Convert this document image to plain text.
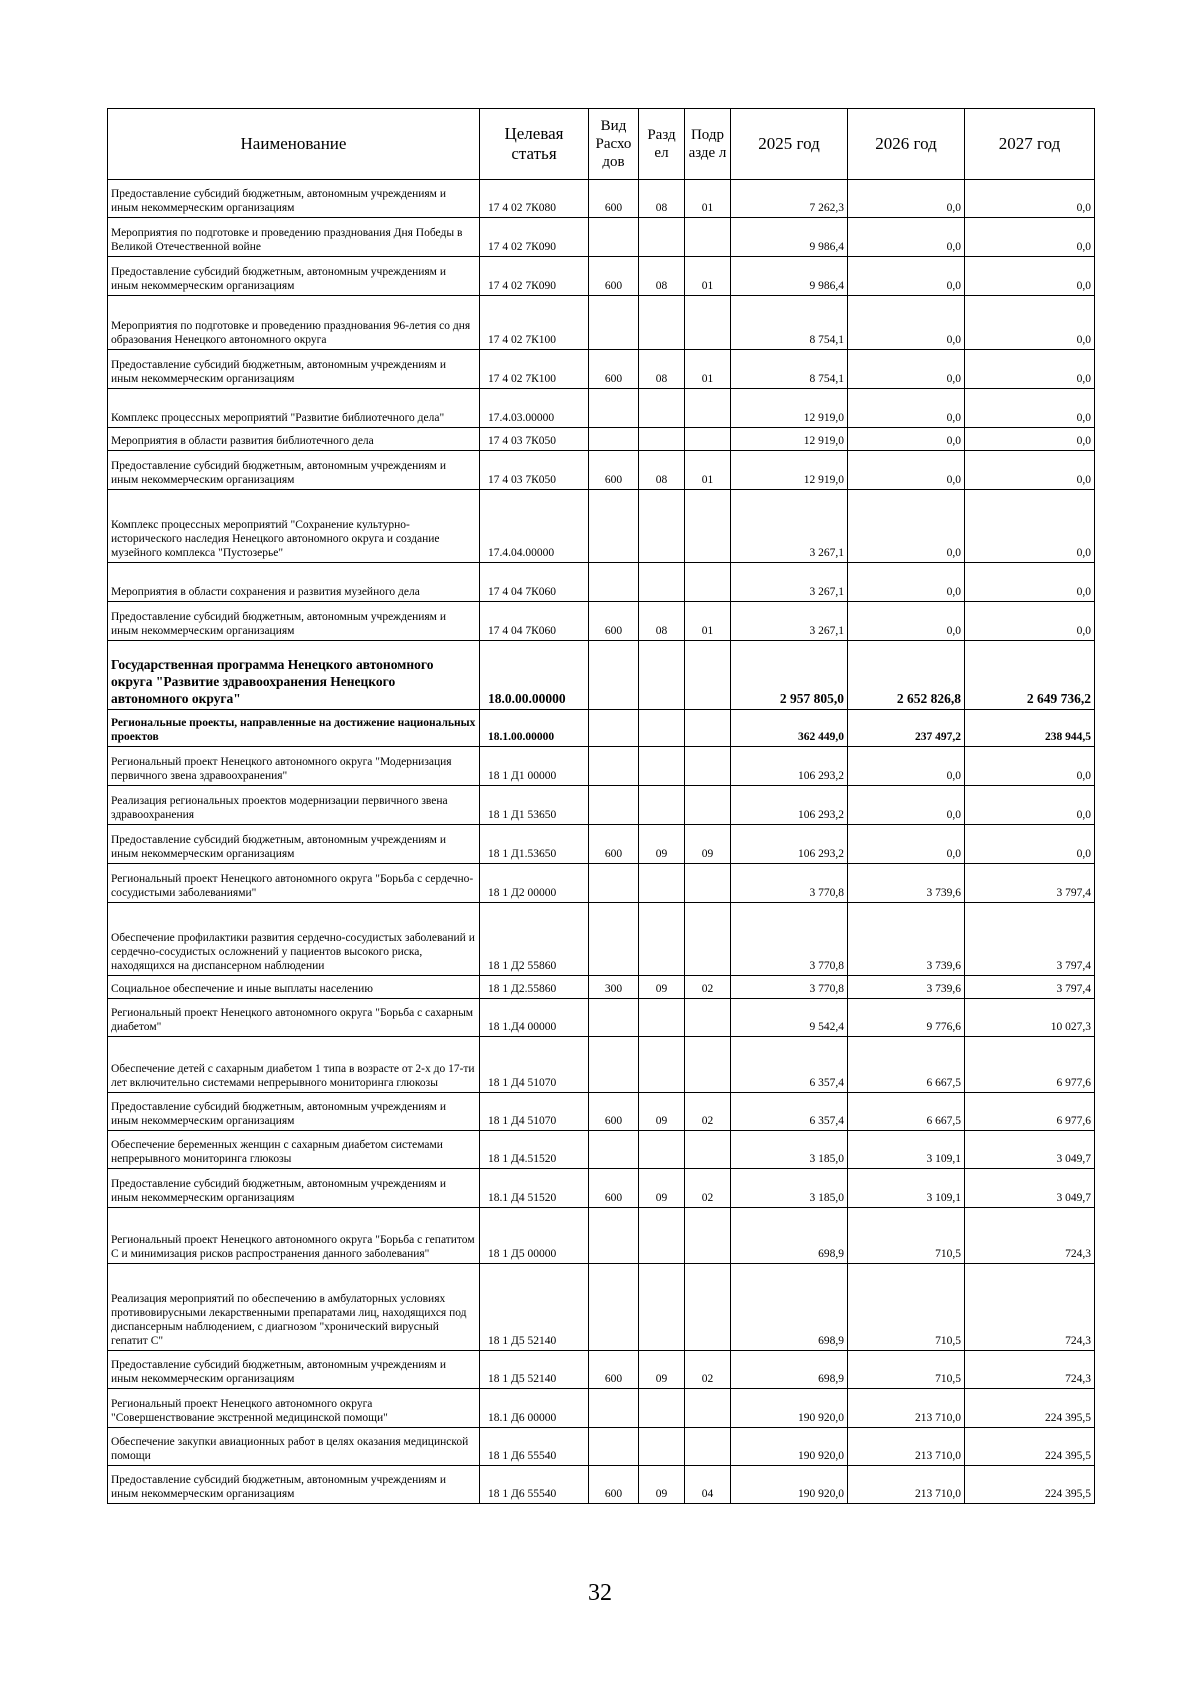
Наименование	Целевая статья	Вид Расхо дов	Разд ел	Подр азде л	2025 год	2026 год	2027 год
Предоставление субсидий бюджетным, автономным учреждениям и иным некоммерческим организациям	17 4 02 7К080	600	08	01	7 262,3	0,0	0,0
Мероприятия по подготовке и проведению празднования Дня Победы в Великой Отечественной войне	17 4 02 7К090				9 986,4	0,0	0,0
Предоставление субсидий бюджетным, автономным учреждениям и иным некоммерческим организациям	17 4 02 7К090	600	08	01	9 986,4	0,0	0,0
Мероприятия по подготовке и проведению празднования 96-летия со дня образования Ненецкого автономного округа	17 4 02 7К100				8 754,1	0,0	0,0
Предоставление субсидий бюджетным, автономным учреждениям и иным некоммерческим организациям	17 4 02 7К100	600	08	01	8 754,1	0,0	0,0
Комплекс процессных мероприятий "Развитие библиотечного дела"	17.4.03.00000				12 919,0	0,0	0,0
Мероприятия в области развития библиотечного дела	17 4 03 7К050				12 919,0	0,0	0,0
Предоставление субсидий бюджетным, автономным учреждениям и иным некоммерческим организациям	17 4 03 7К050	600	08	01	12 919,0	0,0	0,0
Комплекс процессных мероприятий "Сохранение культурно-исторического наследия Ненецкого автономного округа и создание музейного комплекса "Пустозерье"	17.4.04.00000				3 267,1	0,0	0,0
Мероприятия в области сохранения и развития музейного дела	17 4 04 7К060				3 267,1	0,0	0,0
Предоставление субсидий бюджетным, автономным учреждениям и иным некоммерческим организациям	17 4 04 7К060	600	08	01	3 267,1	0,0	0,0
Государственная программа Ненецкого автономного округа "Развитие здравоохранения Ненецкого автономного округа"	18.0.00.00000				2 957 805,0	2 652 826,8	2 649 736,2
Региональные проекты, направленные на достижение национальных проектов	18.1.00.00000				362 449,0	237 497,2	238 944,5
Региональный проект Ненецкого автономного округа "Модернизация первичного звена здравоохранения"	18 1 Д1 00000				106 293,2	0,0	0,0
Реализация региональных проектов модернизации первичного звена здравоохранения	18 1 Д1 53650				106 293,2	0,0	0,0
Предоставление субсидий бюджетным, автономным учреждениям и иным некоммерческим организациям	18 1 Д1.53650	600	09	09	106 293,2	0,0	0,0
Региональный проект Ненецкого автономного округа "Борьба с сердечно-сосудистыми заболеваниями"	18 1 Д2 00000				3 770,8	3 739,6	3 797,4
Обеспечение профилактики развития сердечно-сосудистых заболеваний и сердечно-сосудистых осложнений у пациентов высокого риска, находящихся на диспансерном наблюдении	18 1 Д2 55860				3 770,8	3 739,6	3 797,4
Социальное обеспечение и иные выплаты населению	18 1 Д2.55860	300	09	02	3 770,8	3 739,6	3 797,4
Региональный проект Ненецкого автономного округа "Борьба с сахарным диабетом"	18 1.Д4 00000				9 542,4	9 776,6	10 027,3
Обеспечение детей с сахарным диабетом 1 типа в возрасте от 2-х до 17-ти лет включительно системами непрерывного мониторинга глюкозы	18 1 Д4 51070				6 357,4	6 667,5	6 977,6
Предоставление субсидий бюджетным, автономным учреждениям и иным некоммерческим организациям	18 1 Д4 51070	600	09	02	6 357,4	6 667,5	6 977,6
Обеспечение беременных женщин с сахарным диабетом системами непрерывного мониторинга глюкозы	18 1 Д4.51520				3 185,0	3 109,1	3 049,7
Предоставление субсидий бюджетным, автономным учреждениям и иным некоммерческим организациям	18.1 Д4 51520	600	09	02	3 185,0	3 109,1	3 049,7
Региональный проект Ненецкого автономного округа "Борьба с гепатитом С и минимизация рисков распространения данного заболевания"	18 1 Д5 00000				698,9	710,5	724,3
Реализация мероприятий по обеспечению в амбулаторных условиях противовирусными лекарственными препаратами лиц, находящихся под диспансерным наблюдением, с диагнозом "хронический вирусный гепатит С"	18 1 Д5 52140				698,9	710,5	724,3
Предоставление субсидий бюджетным, автономным учреждениям и иным некоммерческим организациям	18 1 Д5 52140	600	09	02	698,9	710,5	724,3
Региональный проект Ненецкого автономного округа "Совершенствование экстренной медицинской помощи"	18.1 Д6 00000				190 920,0	213 710,0	224 395,5
Обеспечение закупки авиационных работ в целях оказания медицинской помощи	18 1 Д6 55540				190 920,0	213 710,0	224 395,5
Предоставление субсидий бюджетным, автономным учреждениям и иным некоммерческим организациям	18 1 Д6 55540	600	09	04	190 920,0	213 710,0	224 395,5
32
